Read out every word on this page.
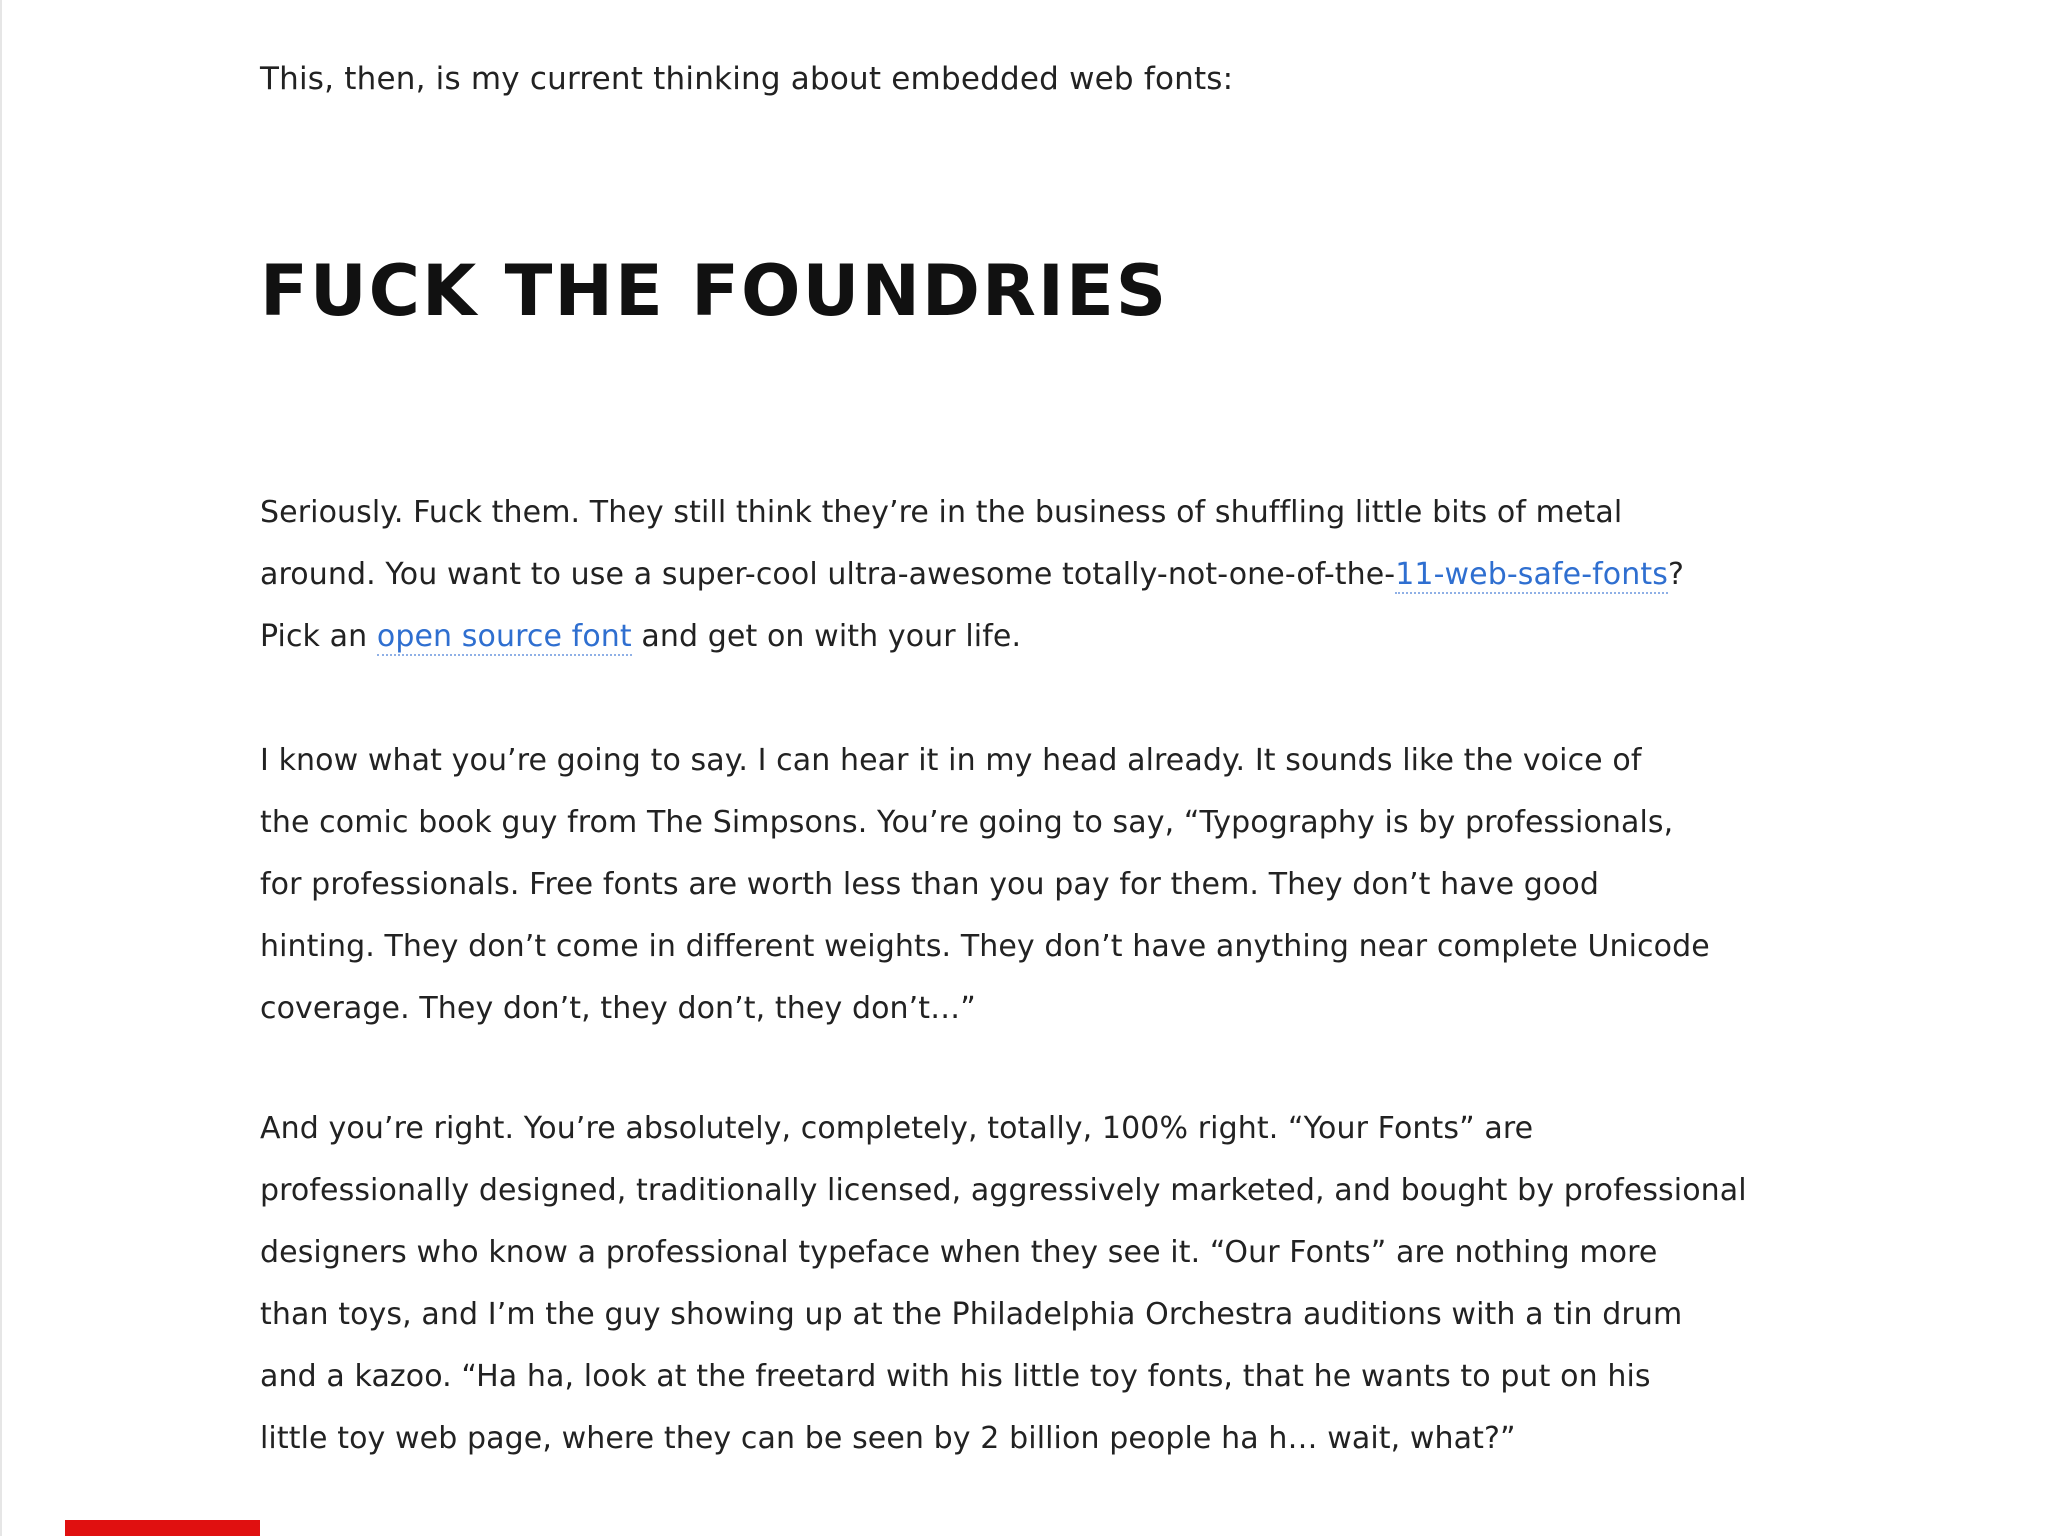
This, then, is my current thinking about embedded web fonts:

FUCK THE FOUNDRIES

Seriously. Fuck them. They still think they’re in the business of shuffling little bits of metal
around. You want to use a super-cool ultra-awesome totally-not-one-of-the-11-web-safe-fonts?
Pick an open source font and get on with your life.

I know what you’re going to say. I can hear it in my head already. It sounds like the voice of
the comic book guy from The Simpsons. You’re going to say, “Typography is by professionals,
for professionals. Free fonts are worth less than you pay for them. They don’t have good
hinting. They don’t come in different weights. They don’t have anything near complete Unicode
coverage. They don’t, they don’t, they don’t…”

And you’re right. You’re absolutely, completely, totally, 100% right. “Your Fonts” are
professionally designed, traditionally licensed, aggressively marketed, and bought by professional
designers who know a professional typeface when they see it. “Our Fonts” are nothing more
than toys, and I’m the guy showing up at the Philadelphia Orchestra auditions with a tin drum
and a kazoo. “Ha ha, look at the freetard with his little toy fonts, that he wants to put on his
little toy web page, where they can be seen by 2 billion people ha h… wait, what?”
